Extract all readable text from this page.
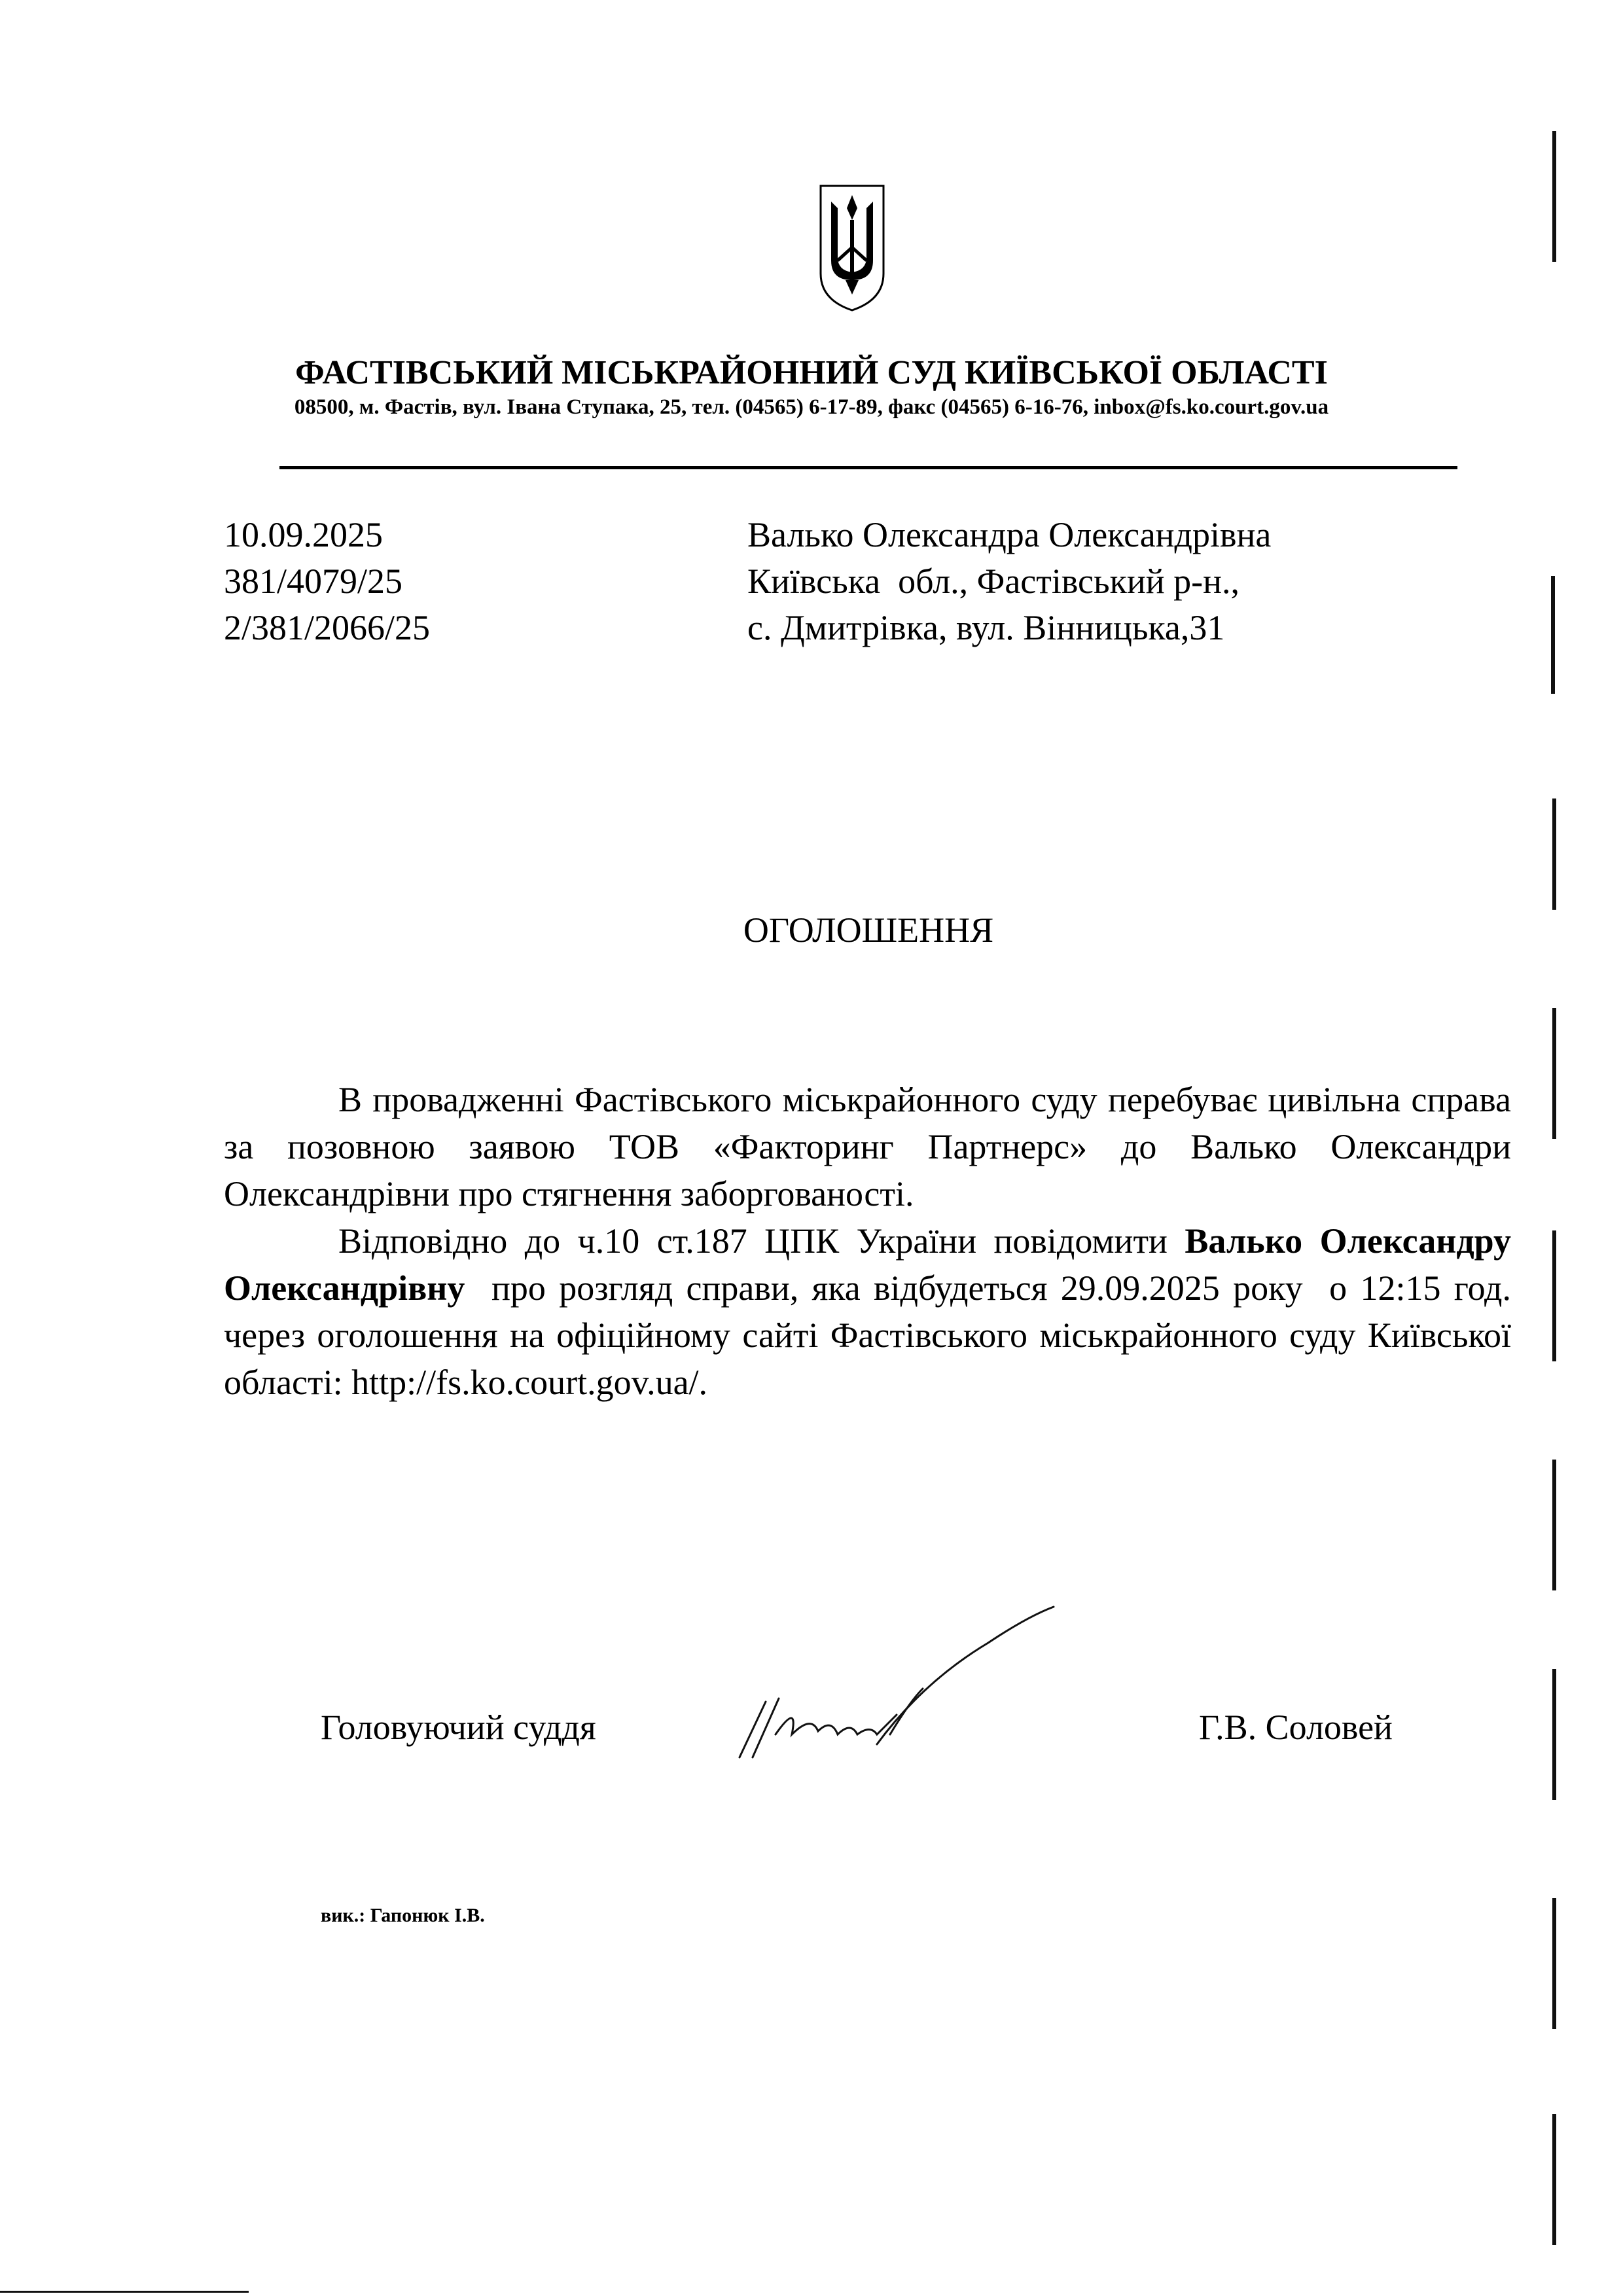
ФАСТІВСЬКИЙ МІСЬКРАЙОННИЙ СУД КИЇВСЬКОЇ ОБЛАСТІ
08500, м. Фастів, вул. Івана Ступака, 25, тел. (04565) 6-17-89, факс (04565) 6-16-76, inbox@fs.ko.court.gov.ua
10.09.2025
381/4079/25
2/381/2066/25
Валько Олександра Олександрівна
Київська  обл., Фастівський р-н.,
с. Дмитрівка, вул. Вінницька,31
ОГОЛОШЕННЯ

В провадженні Фастівського міськрайонного суду перебуває цивільна справа за позовною заявою ТОВ «Факторинг Партнерс» до Валько Олександри Олександрівни про стягнення заборгованості.

Відповідно до ч.10 ст.187 ЦПК України повідомити Валько Олександру Олександрівну  про розгляд справи, яка відбудеться 29.09.2025 року  о 12:15 год. через оголошення на офіційному сайті Фастівського міськрайонного суду Київської області: http://fs.ko.court.gov.ua/.

Головуючий суддя	Г.В. Соловей
вик.: Гапонюк І.В.
